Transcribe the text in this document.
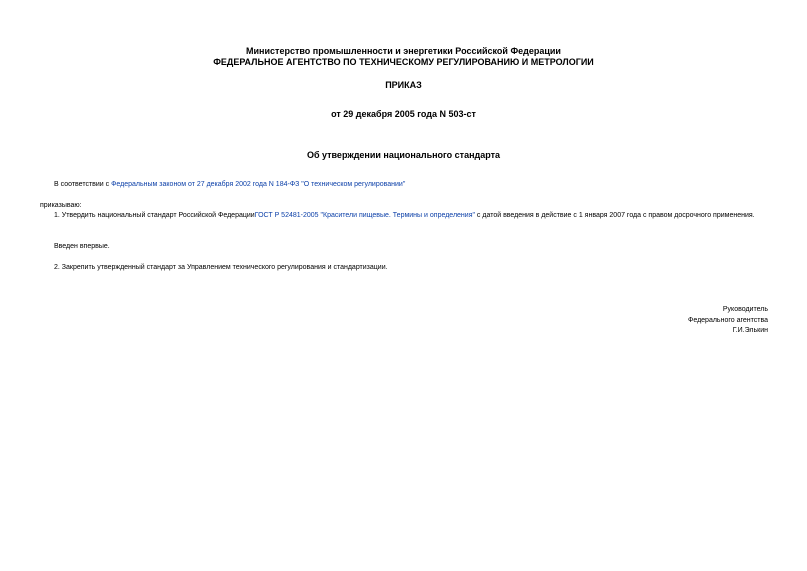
Министерство промышленности и энергетики Российской Федерации
ФЕДЕРАЛЬНОЕ АГЕНТСТВО ПО ТЕХНИЧЕСКОМУ РЕГУЛИРОВАНИЮ И МЕТРОЛОГИИ
ПРИКАЗ
от 29 декабря 2005 года N 503-ст
Об утверждении национального стандарта
В соответствии с Федеральным законом от 27 декабря 2002 года N 184-ФЗ "О техническом регулировании"
приказываю:
1. Утвердить национальный стандарт Российской ФедерацииГОСТ Р 52481-2005 "Красители пищевые. Термины и определения" с датой введения в действие с 1 января 2007 года с правом досрочного применения.
Введен впервые.
2. Закрепить утвержденный стандарт за Управлением технического регулирования и стандартизации.
Руководитель
Федерального агентства
Г.И.Элькин
